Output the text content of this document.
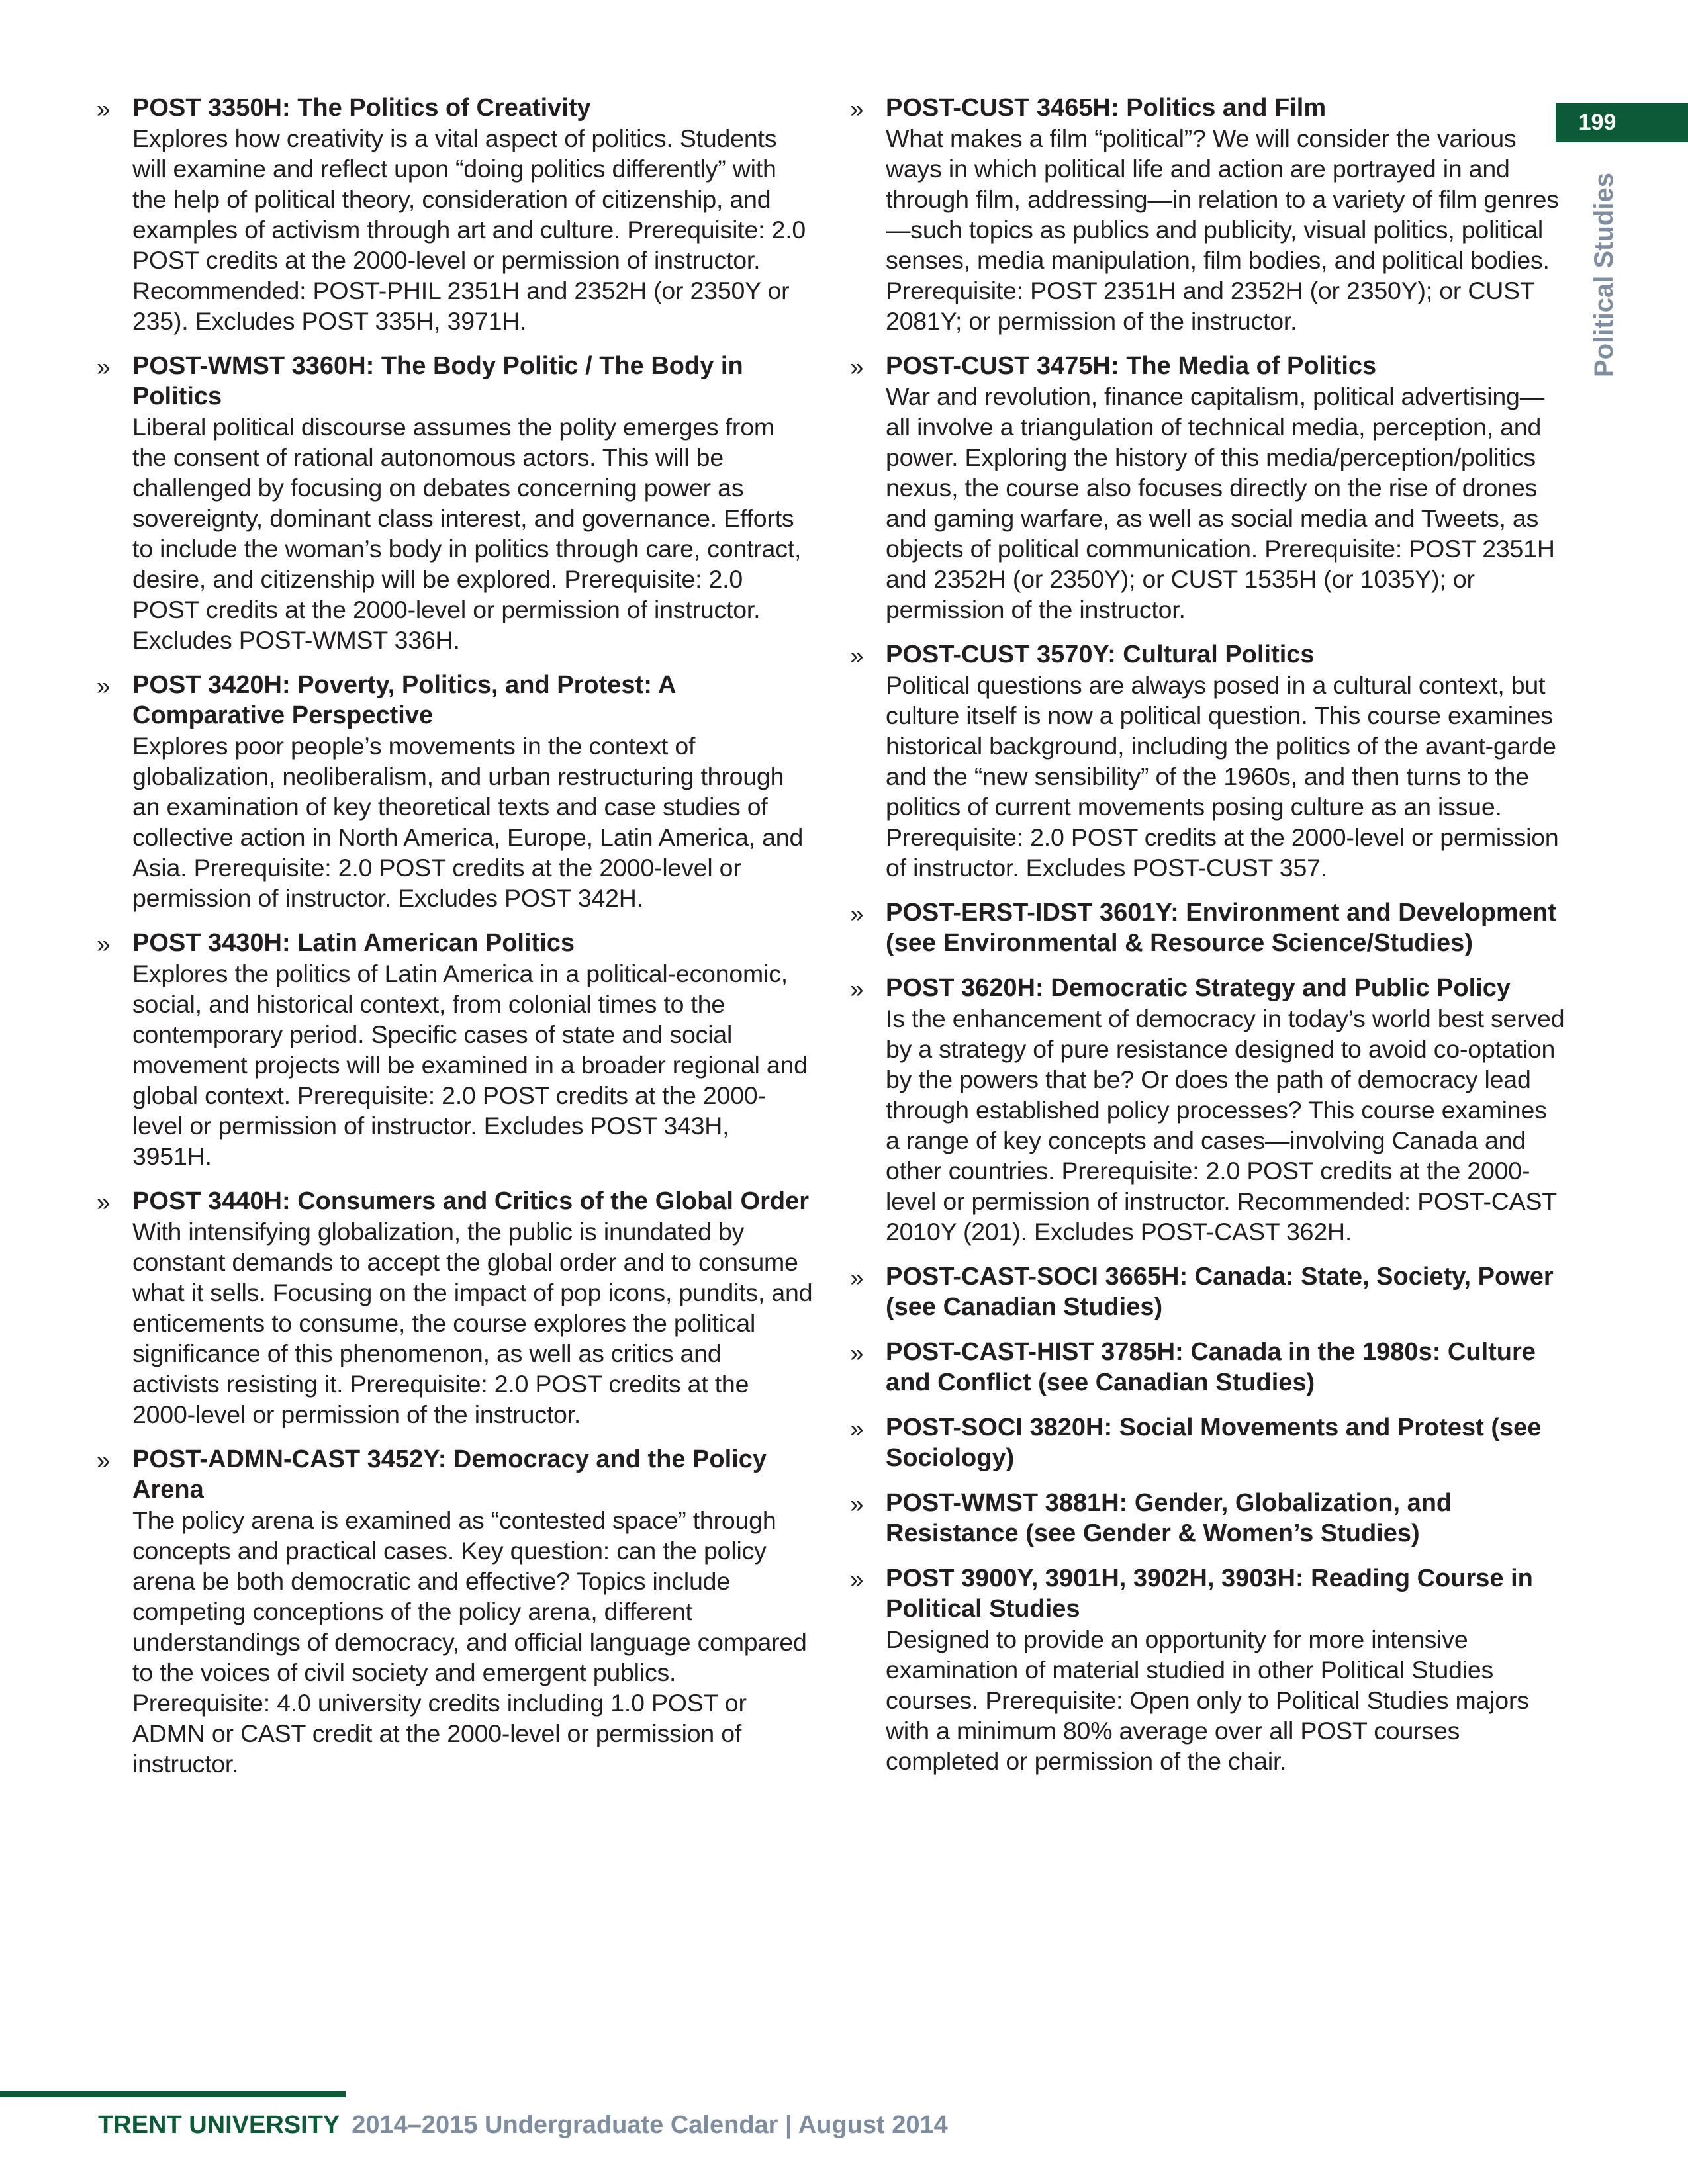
» POST 3350H: The Politics of Creativity

Explores how creativity is a vital aspect of politics. Students will examine and reflect upon “doing politics differently” with the help of political theory, consideration of citizenship, and examples of activism through art and culture. Prerequisite: 2.0 POST credits at the 2000-level or permission of instructor. Recommended: POST-PHIL 2351H and 2352H (or 2350Y or 235). Excludes POST 335H, 3971H.

» POST-WMST 3360H: The Body Politic / The Body in Politics

Liberal political discourse assumes the polity emerges from the consent of rational autonomous actors. This will be challenged by focusing on debates concerning power as sovereignty, dominant class interest, and governance. Efforts to include the woman’s body in politics through care, contract, desire, and citizenship will be explored. Prerequisite: 2.0 POST credits at the 2000-level or permission of instructor. Excludes POST-WMST 336H.

» POST 3420H: Poverty, Politics, and Protest: A Comparative Perspective

Explores poor people’s movements in the context of globalization, neoliberalism, and urban restructuring through an examination of key theoretical texts and case studies of collective action in North America, Europe, Latin America, and Asia. Prerequisite: 2.0 POST credits at the 2000-level or permission of instructor. Excludes POST 342H.

» POST 3430H: Latin American Politics

Explores the politics of Latin America in a political-economic, social, and historical context, from colonial times to the contemporary period. Specific cases of state and social movement projects will be examined in a broader regional and global context. Prerequisite: 2.0 POST credits at the 2000-level or permission of instructor. Excludes POST 343H, 3951H.

» POST 3440H: Consumers and Critics of the Global Order

With intensifying globalization, the public is inundated by constant demands to accept the global order and to consume what it sells. Focusing on the impact of pop icons, pundits, and enticements to consume, the course explores the political significance of this phenomenon, as well as critics and activists resisting it. Prerequisite: 2.0 POST credits at the 2000-level or permission of the instructor.

» POST-ADMN-CAST 3452Y: Democracy and the Policy Arena

The policy arena is examined as “contested space” through concepts and practical cases. Key question: can the policy arena be both democratic and effective? Topics include competing conceptions of the policy arena, different understandings of democracy, and official language compared to the voices of civil society and emergent publics. Prerequisite: 4.0 university credits including 1.0 POST or ADMN or CAST credit at the 2000-level or permission of instructor.

» POST-CUST 3465H: Politics and Film

What makes a film “political”? We will consider the various ways in which political life and action are portrayed in and through film, addressing—in relation to a variety of film genres—such topics as publics and publicity, visual politics, political senses, media manipulation, film bodies, and political bodies. Prerequisite: POST 2351H and 2352H (or 2350Y); or CUST 2081Y; or permission of the instructor.

» POST-CUST 3475H: The Media of Politics

War and revolution, finance capitalism, political advertising—all involve a triangulation of technical media, perception, and power. Exploring the history of this media/perception/politics nexus, the course also focuses directly on the rise of drones and gaming warfare, as well as social media and Tweets, as objects of political communication. Prerequisite: POST 2351H and 2352H (or 2350Y); or CUST 1535H (or 1035Y); or permission of the instructor.

» POST-CUST 3570Y: Cultural Politics

Political questions are always posed in a cultural context, but culture itself is now a political question. This course examines historical background, including the politics of the avant-garde and the “new sensibility” of the 1960s, and then turns to the politics of current movements posing culture as an issue. Prerequisite: 2.0 POST credits at the 2000-level or permission of instructor. Excludes POST-CUST 357.

» POST-ERST-IDST 3601Y: Environment and Development (see Environmental & Resource Science/Studies)

» POST 3620H: Democratic Strategy and Public Policy

Is the enhancement of democracy in today’s world best served by a strategy of pure resistance designed to avoid co-optation by the powers that be? Or does the path of democracy lead through established policy processes? This course examines a range of key concepts and cases—involving Canada and other countries. Prerequisite: 2.0 POST credits at the 2000-level or permission of instructor. Recommended: POST-CAST 2010Y (201). Excludes POST-CAST 362H.

» POST-CAST-SOCI 3665H: Canada: State, Society, Power (see Canadian Studies)

» POST-CAST-HIST 3785H: Canada in the 1980s: Culture and Conflict (see Canadian Studies)

» POST-SOCI 3820H: Social Movements and Protest (see Sociology)

» POST-WMST 3881H: Gender, Globalization, and Resistance (see Gender & Women’s Studies)

» POST 3900Y, 3901H, 3902H, 3903H: Reading Course in Political Studies

Designed to provide an opportunity for more intensive examination of material studied in other Political Studies courses. Prerequisite: Open only to Political Studies majors with a minimum 80% average over all POST courses completed or permission of the chair.

199
Political Studies
TRENT UNIVERSITY 2014–2015 Undergraduate Calendar | August 2014
